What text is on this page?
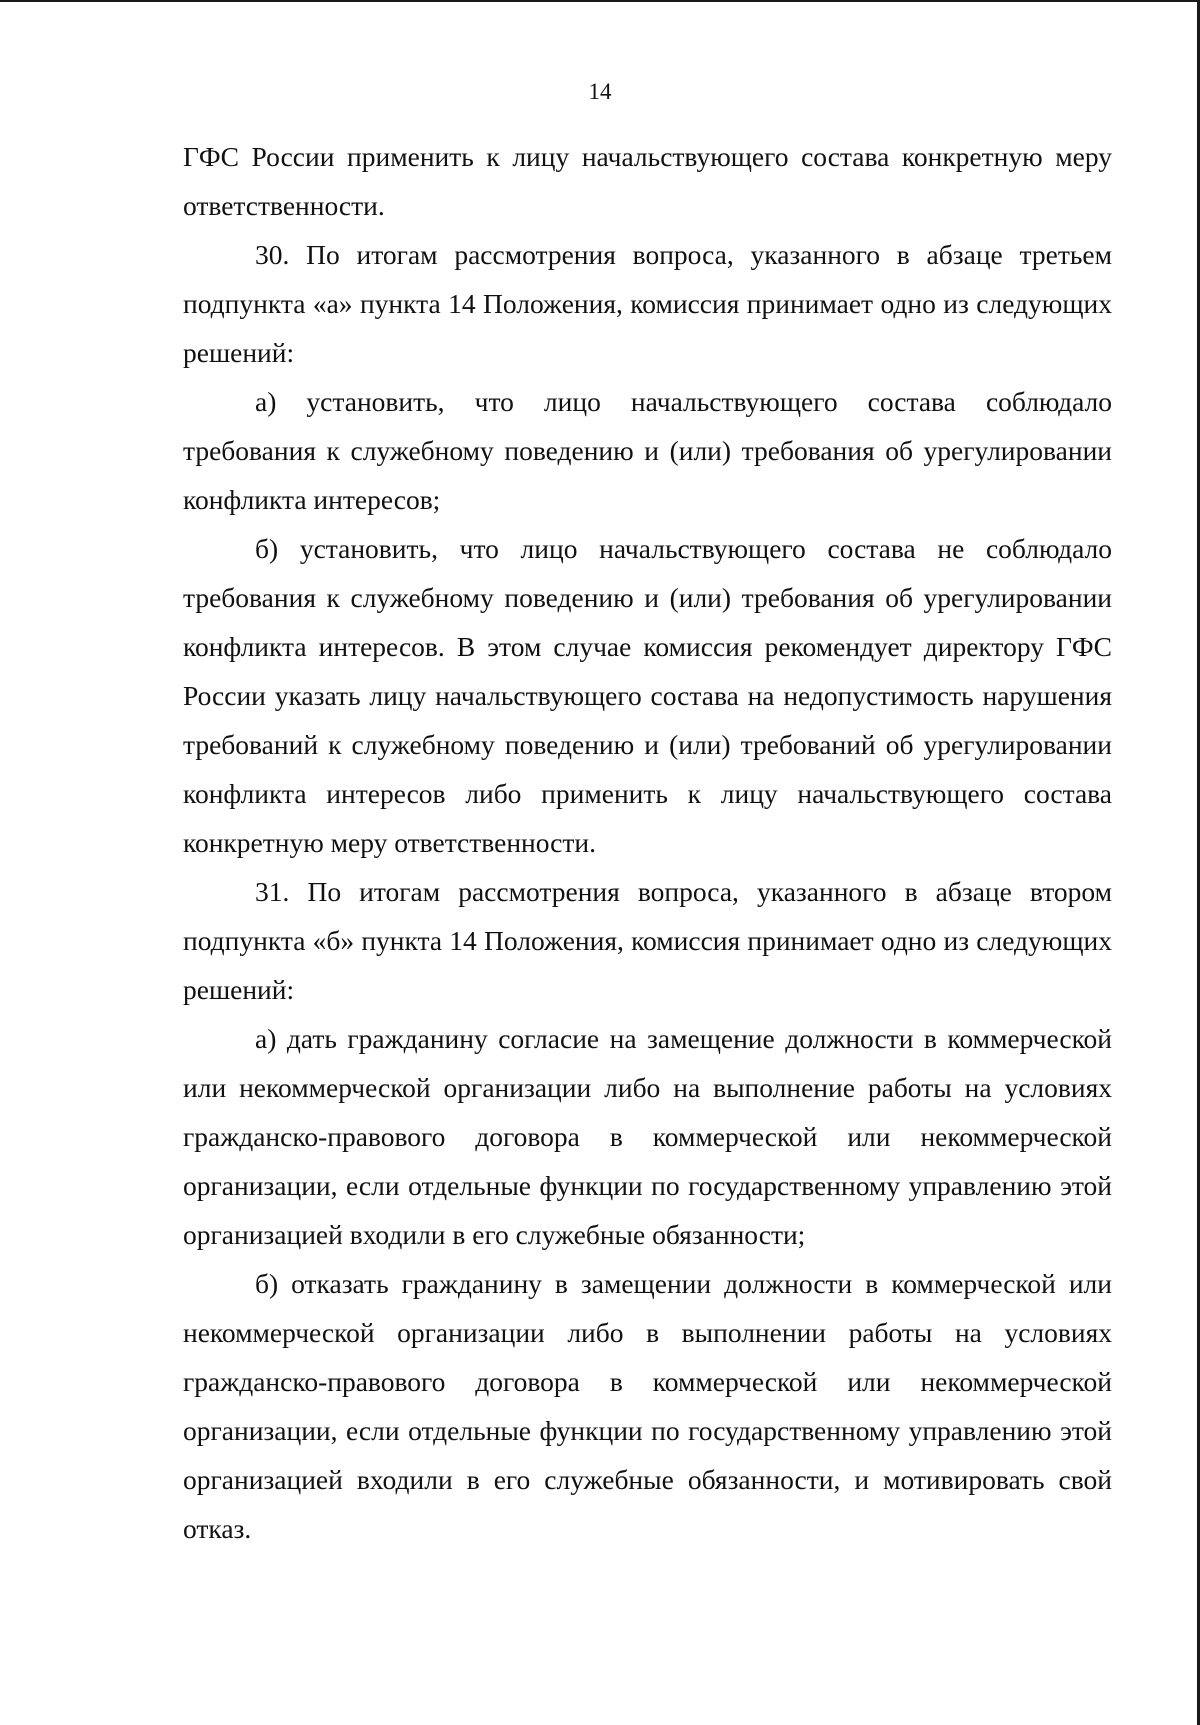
14

ГФС России применить к лицу начальствующего состава конкретную меру ответственности.

30. По итогам рассмотрения вопроса, указанного в абзаце третьем подпункта «а» пункта 14 Положения, комиссия принимает одно из следующих решений:

а) установить, что лицо начальствующего состава соблюдало требования к служебному поведению и (или) требования об урегулировании конфликта интересов;

б) установить, что лицо начальствующего состава не соблюдало требования к служебному поведению и (или) требования об урегулировании конфликта интересов. В этом случае комиссия рекомендует директору ГФС России указать лицу начальствующего состава на недопустимость нарушения требований к служебному поведению и (или) требований об урегулировании конфликта интересов либо применить к лицу начальствующего состава конкретную меру ответственности.

31. По итогам рассмотрения вопроса, указанного в абзаце втором подпункта «б» пункта 14 Положения, комиссия принимает одно из следующих решений:

а) дать гражданину согласие на замещение должности в коммерческой или некоммерческой организации либо на выполнение работы на условиях гражданско-правового договора в коммерческой или некоммерческой организации, если отдельные функции по государственному управлению этой организацией входили в его служебные обязанности;

б) отказать гражданину в замещении должности в коммерческой или некоммерческой организации либо в выполнении работы на условиях гражданско-правового договора в коммерческой или некоммерческой организации, если отдельные функции по государственному управлению этой организацией входили в его служебные обязанности, и мотивировать свой отказ.
